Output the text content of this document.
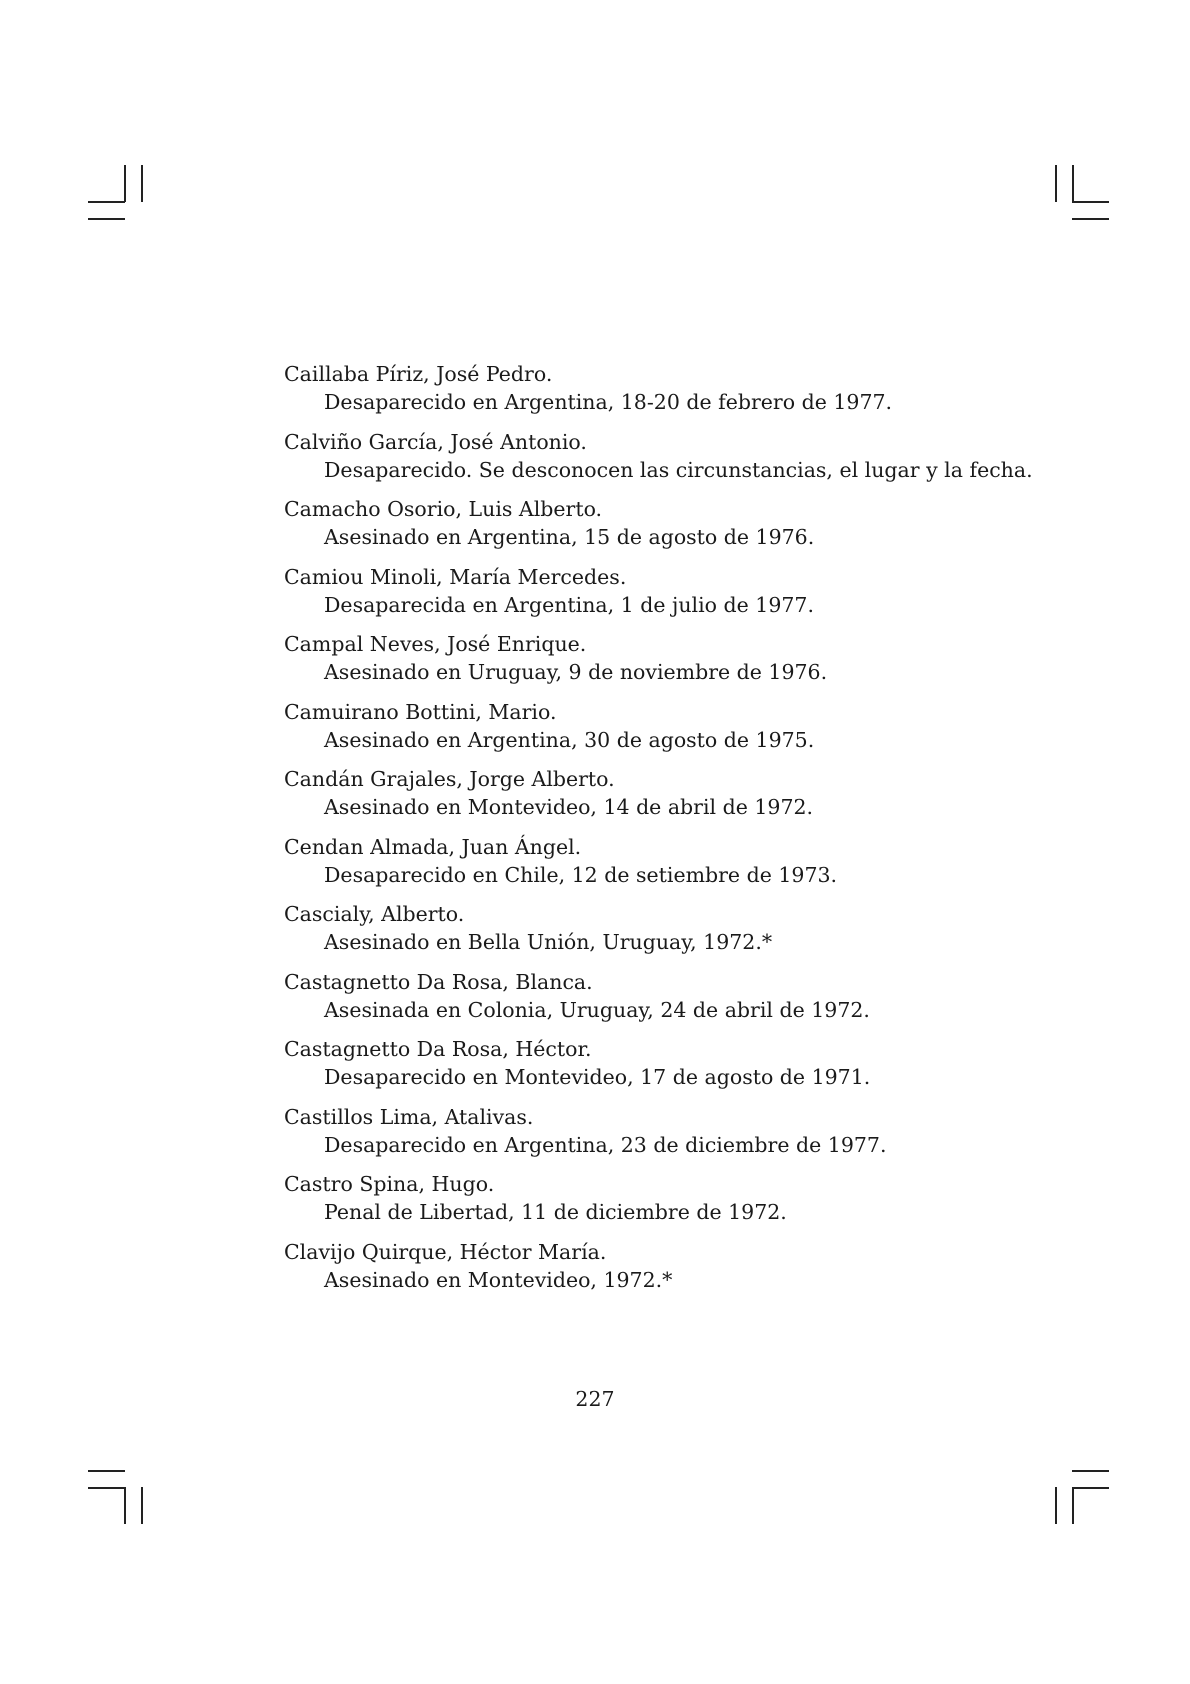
Caillaba Píriz, José Pedro.
Desaparecido en Argentina, 18-20 de febrero de 1977.
Calviño García, José Antonio.
Desaparecido. Se desconocen las circunstancias, el lugar y la fecha.
Camacho Osorio, Luis Alberto.
Asesinado en Argentina, 15 de agosto de 1976.
Camiou Minoli, María Mercedes.
Desaparecida en Argentina, 1 de julio de 1977.
Campal Neves, José Enrique.
Asesinado en Uruguay, 9 de noviembre de 1976.
Camuirano Bottini, Mario.
Asesinado en Argentina, 30 de agosto de 1975.
Candán Grajales, Jorge Alberto.
Asesinado en Montevideo, 14 de abril de 1972.
Cendan Almada, Juan Ángel.
Desaparecido en Chile, 12 de setiembre de 1973.
Cascialy, Alberto.
Asesinado en Bella Unión, Uruguay, 1972.*
Castagnetto Da Rosa, Blanca.
Asesinada en Colonia, Uruguay, 24 de abril de 1972.
Castagnetto Da Rosa, Héctor.
Desaparecido en Montevideo, 17 de agosto de 1971.
Castillos Lima, Atalivas.
Desaparecido en Argentina, 23 de diciembre de 1977.
Castro Spina, Hugo.
Penal de Libertad, 11 de diciembre de 1972.
Clavijo Quirque, Héctor María.
Asesinado en Montevideo, 1972.*
227
